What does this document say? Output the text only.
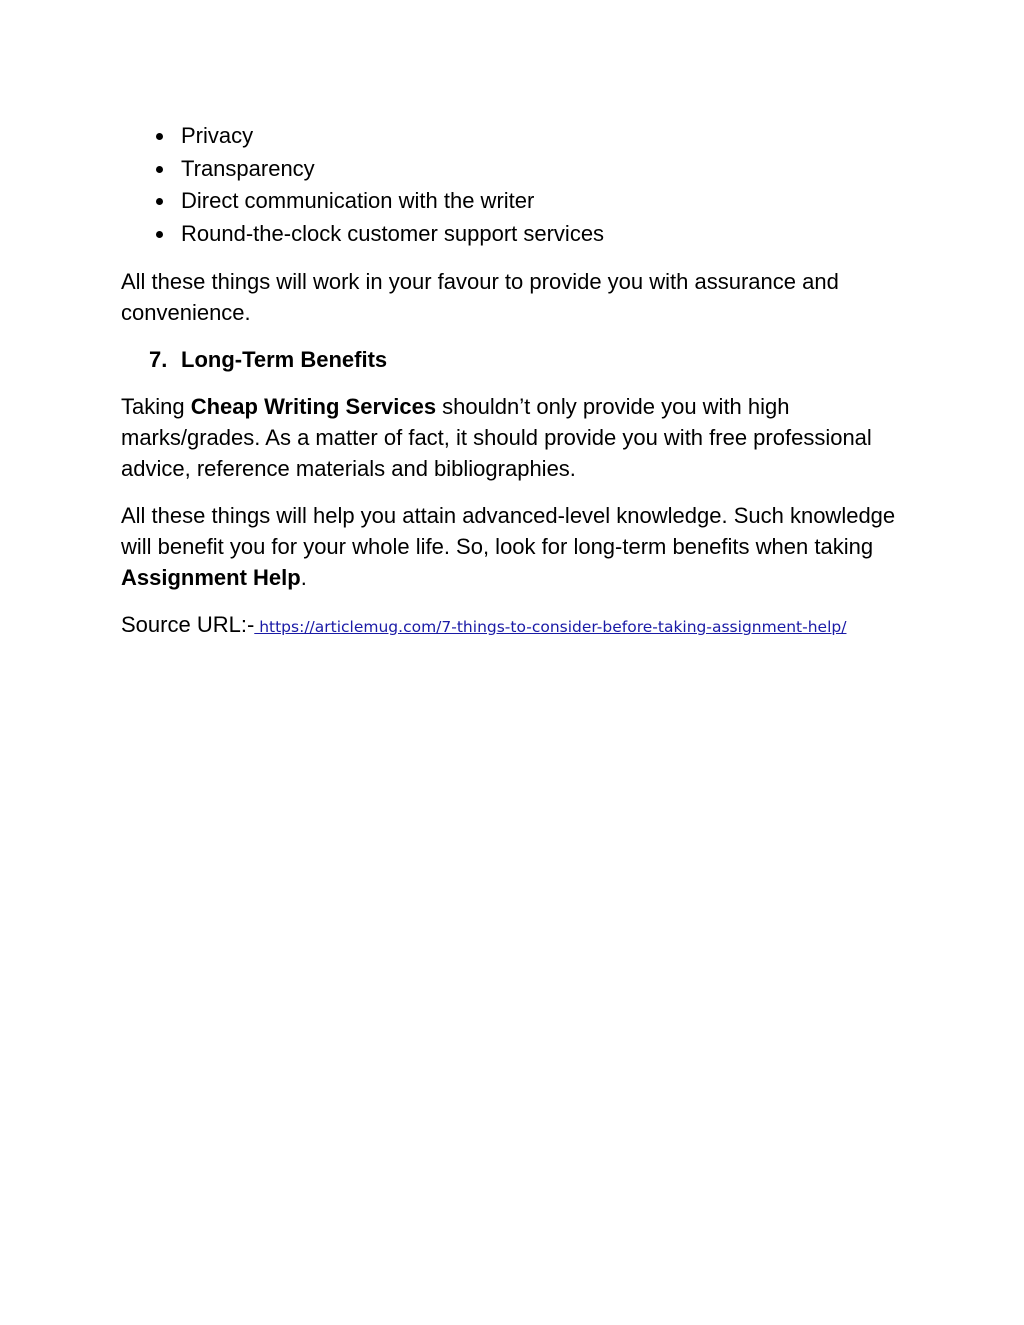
Privacy
Transparency
Direct communication with the writer
Round-the-clock customer support services

All these things will work in your favour to provide you with assurance and convenience.

7. Long-Term Benefits

Taking Cheap Writing Services shouldn’t only provide you with high marks/grades. As a matter of fact, it should provide you with free professional advice, reference materials and bibliographies.

All these things will help you attain advanced-level knowledge. Such knowledge will benefit you for your whole life. So, look for long-term benefits when taking Assignment Help.

Source URL:- https://articlemug.com/7-things-to-consider-before-taking-assignment-help/
